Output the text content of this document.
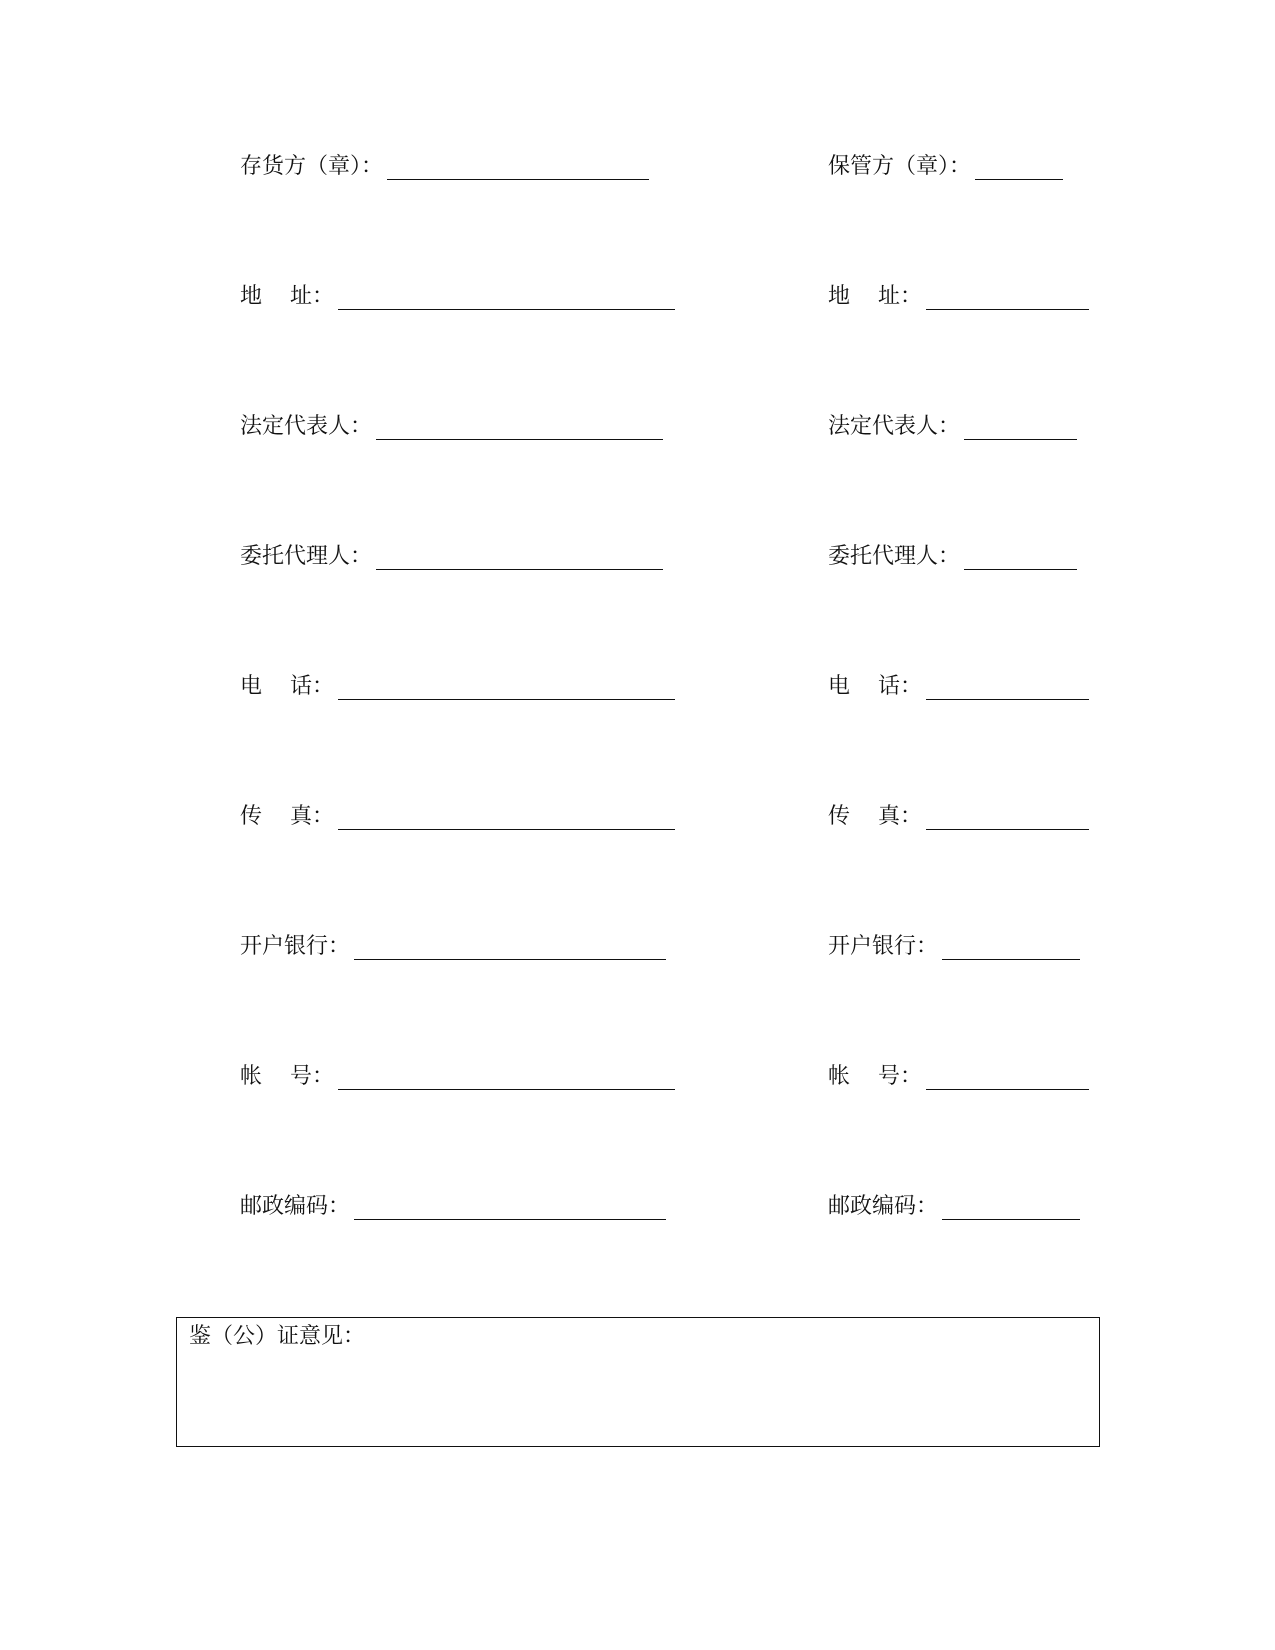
存货方（章）：
地    址：
法定代表人：
委托代理人：
电    话：
传    真：
开户银行：
帐    号：
邮政编码：
保管方（章）：
地    址：
法定代表人：
委托代理人：
电    话：
传    真：
开户银行：
帐    号：
邮政编码：
鉴（公）证意见：
